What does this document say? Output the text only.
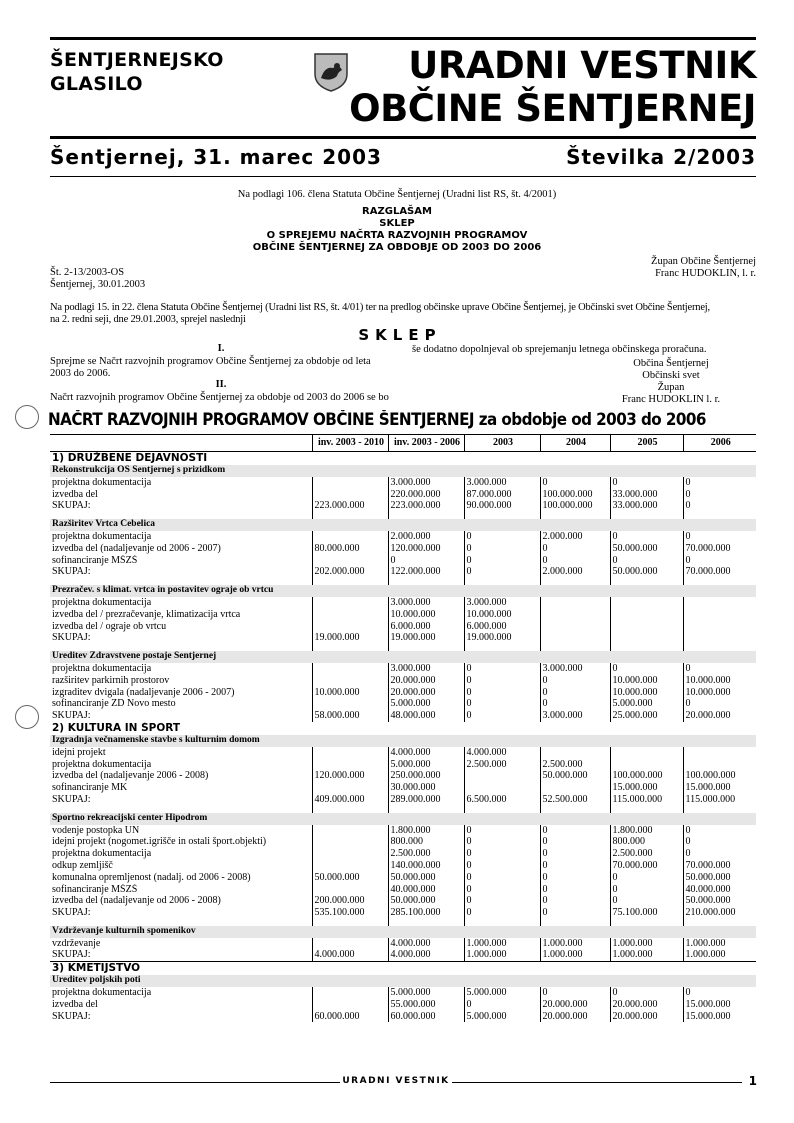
ŠENTJERNEJSKO
GLASILO	URADNI VESTNIK
OBČINE ŠENTJERNEJ
Šentjernej, 31. marec 2003	Številka 2/2003
Na podlagi 106. člena Statuta Občine Šentjernej (Uradni list RS, št. 4/2001)
RAZGLAŠAM
SKLEP
O SPREJEMU NAČRTA RAZVOJNIH PROGRAMOV
OBČINE ŠENTJERNEJ ZA OBDOBJE OD 2003 DO 2006
Župan Občine Šentjernej
Franc HUDOKLIN, l. r.
Št. 2-13/2003-OS
Šentjernej, 30.01.2003
Na podlagi 15. in 22. člena Statuta Občine Šentjernej (Uradni list RS, št. 4/01) ter na predlog občinske uprave Občine Šentjernej, je Občinski svet Občine Šentjernej,
na 2. redni seji, dne 29.01.2003, sprejel naslednji
SKLEP
I.
Sprejme se Načrt razvojnih programov Občine Šentjernej za obdobje od leta
2003 do 2006.
II.
Načrt razvojnih programov Občine Šentjernej za obdobje od 2003 do 2006 se bo
še dodatno dopolnjeval ob sprejemanju letnega občinskega proračuna.
Občina Šentjernej
Občinski svet
Župan
Franc HUDOKLIN l. r.
NAČRT RAZVOJNIH PROGRAMOV OBČINE ŠENTJERNEJ za obdobje od 2003 do 2006
	inv. 2003 - 2010	inv. 2003 - 2006	2003	2004	2005	2006
1) DRUŽBENE DEJAVNOSTI						
Rekonstrukcija OŠ Šentjernej s prizidkom						
projektna dokumentacija		3.000.000	3.000.000	0	0	0
izvedba del		220.000.000	87.000.000	100.000.000	33.000.000	0
SKUPAJ:	223.000.000	223.000.000	90.000.000	100.000.000	33.000.000	0

Razširitev Vrtca Čebelica						
projektna dokumentacija		2.000.000	0	2.000.000	0	0
izvedba del (nadaljevanje od 2006 - 2007)	80.000.000	120.000.000	0	0	50.000.000	70.000.000
sofinanciranje MŠZŠ		0	0	0	0	0
SKUPAJ:	202.000.000	122.000.000	0	2.000.000	50.000.000	70.000.000

Prezračev. s klimat. vrtca in postavitev ograje ob vrtcu						
projektna dokumentacija		3.000.000	3.000.000			
izvedba del / prezračevanje, klimatizacija vrtca		10.000.000	10.000.000			
izvedba del / ograje ob vrtcu		6.000.000	6.000.000			
SKUPAJ:	19.000.000	19.000.000	19.000.000			

Ureditev Zdravstvene postaje Šentjernej						
projektna dokumentacija		3.000.000	0	3.000.000	0	0
razširitev parkirnih prostorov		20.000.000	0	0	10.000.000	10.000.000
izgraditev dvigala (nadaljevanje 2006 - 2007)	10.000.000	20.000.000	0	0	10.000.000	10.000.000
sofinanciranje ZD Novo mesto		5.000.000	0	0	5.000.000	0
SKUPAJ:	58.000.000	48.000.000	0	3.000.000	25.000.000	20.000.000
2) KULTURA IN ŠPORT						
Izgradnja večnamenske stavbe s kulturnim domom						
idejni projekt		4.000.000	4.000.000			
projektna dokumentacija		5.000.000	2.500.000	2.500.000		
izvedba del (nadaljevanje 2006 - 2008)	120.000.000	250.000.000		50.000.000	100.000.000	100.000.000
sofinanciranje MK		30.000.000			15.000.000	15.000.000
SKUPAJ:	409.000.000	289.000.000	6.500.000	52.500.000	115.000.000	115.000.000

Športno rekreacijski center Hipodrom						
vodenje postopka UN		1.800.000	0	0	1.800.000	0
idejni projekt (nogomet.igrišče in ostali šport.objekti)		800.000	0	0	800.000	0
projektna dokumentacija		2.500.000	0	0	2.500.000	0
odkup zemljišč		140.000.000	0	0	70.000.000	70.000.000
komunalna opremljenost (nadalj. od 2006 - 2008)	50.000.000	50.000.000	0	0	0	50.000.000
sofinanciranje MŠZŠ		40.000.000	0	0	0	40.000.000
izvedba del (nadaljevanje od 2006 - 2008)	200.000.000	50.000.000	0	0	0	50.000.000
SKUPAJ:	535.100.000	285.100.000	0	0	75.100.000	210.000.000

Vzdrževanje kulturnih spomenikov						
vzdrževanje		4.000.000	1.000.000	1.000.000	1.000.000	1.000.000
SKUPAJ:	4.000.000	4.000.000	1.000.000	1.000.000	1.000.000	1.000.000
3) KMETIJSTVO						
Ureditev poljskih poti						
projektna dokumentacija		5.000.000	5.000.000	0	0	0
izvedba del		55.000.000	0	20.000.000	20.000.000	15.000.000
SKUPAJ:	60.000.000	60.000.000	5.000.000	20.000.000	20.000.000	15.000.000
URADNI VESTNIK	1
